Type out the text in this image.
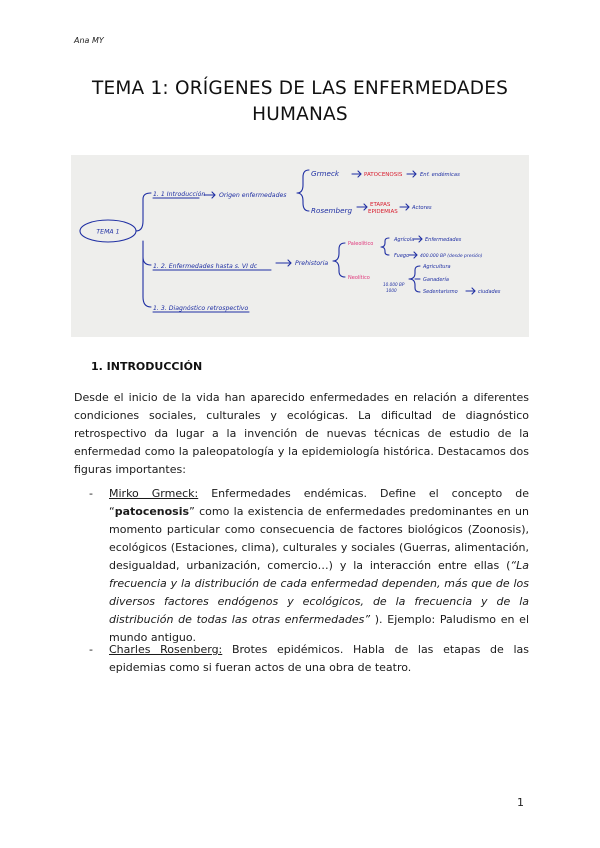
Ana MY
TEMA 1: ORÍGENES DE LAS ENFERMEDADES
HUMANAS
TEMA 1
1. 1 Introducción Origen enfermedades
Grmeck
Rosemberg
Enf. endémicas
Actores
1. 2. Enfermedades hasta s. VI dc	Prehistoria
Agrícola Enfermedades
Fuego 400.000 BP (desde presión)
Agricultura
Ganadería
Sedentarismo	ciudades
10.000 BP
1000
1. 3. Diagnóstico retrospectivo
PATOCENOSIS
ETAPAS
EPIDEMIAS
Paleolítico
Neolítico
1. INTRODUCCIÓN
Desde el inicio de la vida han aparecido enfermedades en relación a diferentes condiciones sociales, culturales y ecológicas. La dificultad de diagnóstico retrospectivo da lugar a la invención de nuevas técnicas de estudio de la enfermedad como la paleopatología y la epidemiología histórica. Destacamos dos figuras importantes:
- Mirko Grmeck: Enfermedades endémicas. Define el concepto de “patocenosis” como la existencia de enfermedades predominantes en un momento particular como consecuencia de factores biológicos (Zoonosis), ecológicos (Estaciones, clima), culturales y sociales (Guerras, alimentación, desigualdad, urbanización, comercio…) y la interacción entre ellas (“La frecuencia y la distribución de cada enfermedad dependen, más que de los diversos factores endógenos y ecológicos, de la frecuencia y de la distribución de todas las otras enfermedades” ). Ejemplo: Paludismo en el mundo antiguo.
- Charles Rosenberg: Brotes epidémicos. Habla de las etapas de las epidemias como si fueran actos de una obra de teatro.
1
